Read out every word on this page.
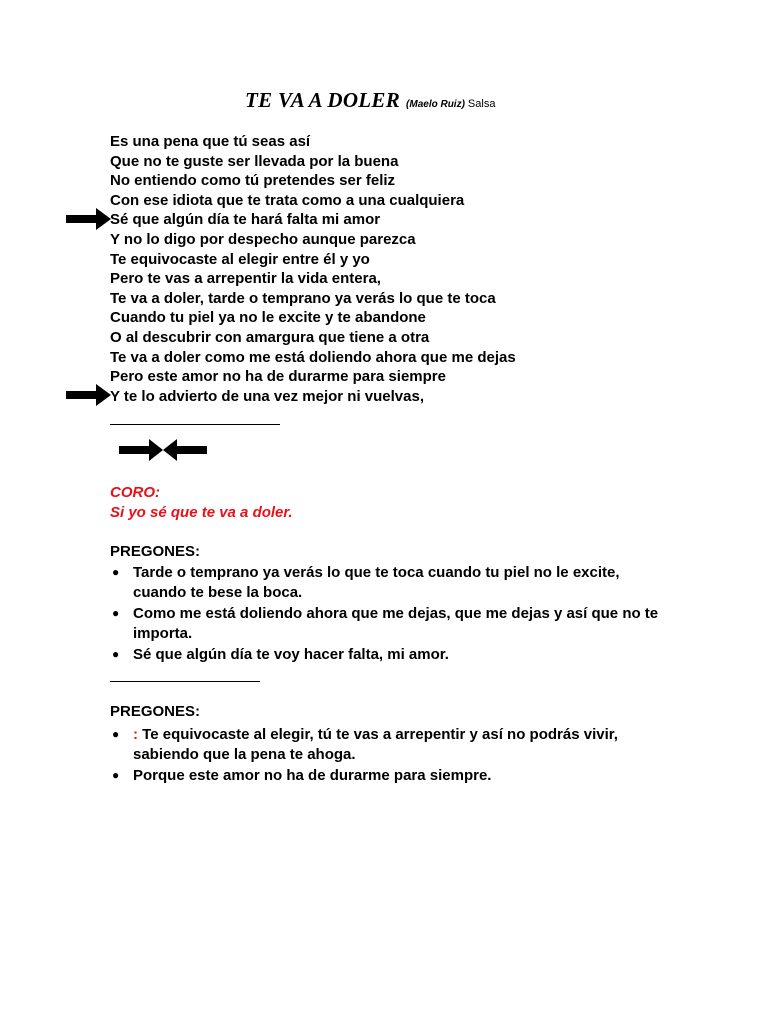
TE VA A DOLER (Maelo Ruiz) Salsa
Es una pena que tú seas así
Que no te guste ser llevada por la buena
No entiendo como tú pretendes ser feliz
Con ese idiota que te trata como a una cualquiera
Sé que algún día te hará falta mi amor
Y no lo digo por despecho aunque parezca
Te equivocaste al elegir entre él y yo
Pero te vas a arrepentir la vida entera,
Te va a doler, tarde o temprano ya verás lo que te toca
Cuando tu piel ya no le excite y te abandone
O al descubrir con amargura que tiene a otra
Te va a doler como me está doliendo ahora que me dejas
Pero este amor no ha de durarme para siempre
Y te lo advierto de una vez mejor ni vuelvas,
CORO:
Si yo sé que te va a doler.
PREGONES:
● Tarde o temprano ya verás lo que te toca cuando tu piel no le excite, cuando te bese la boca.
● Como me está doliendo ahora que me dejas, que me dejas y así que no te importa.
● Sé que algún día te voy hacer falta, mi amor.
PREGONES:
● : Te equivocaste al elegir, tú te vas a arrepentir y así no podrás vivir, sabiendo que la pena te ahoga.
● Porque este amor no ha de durarme para siempre.
